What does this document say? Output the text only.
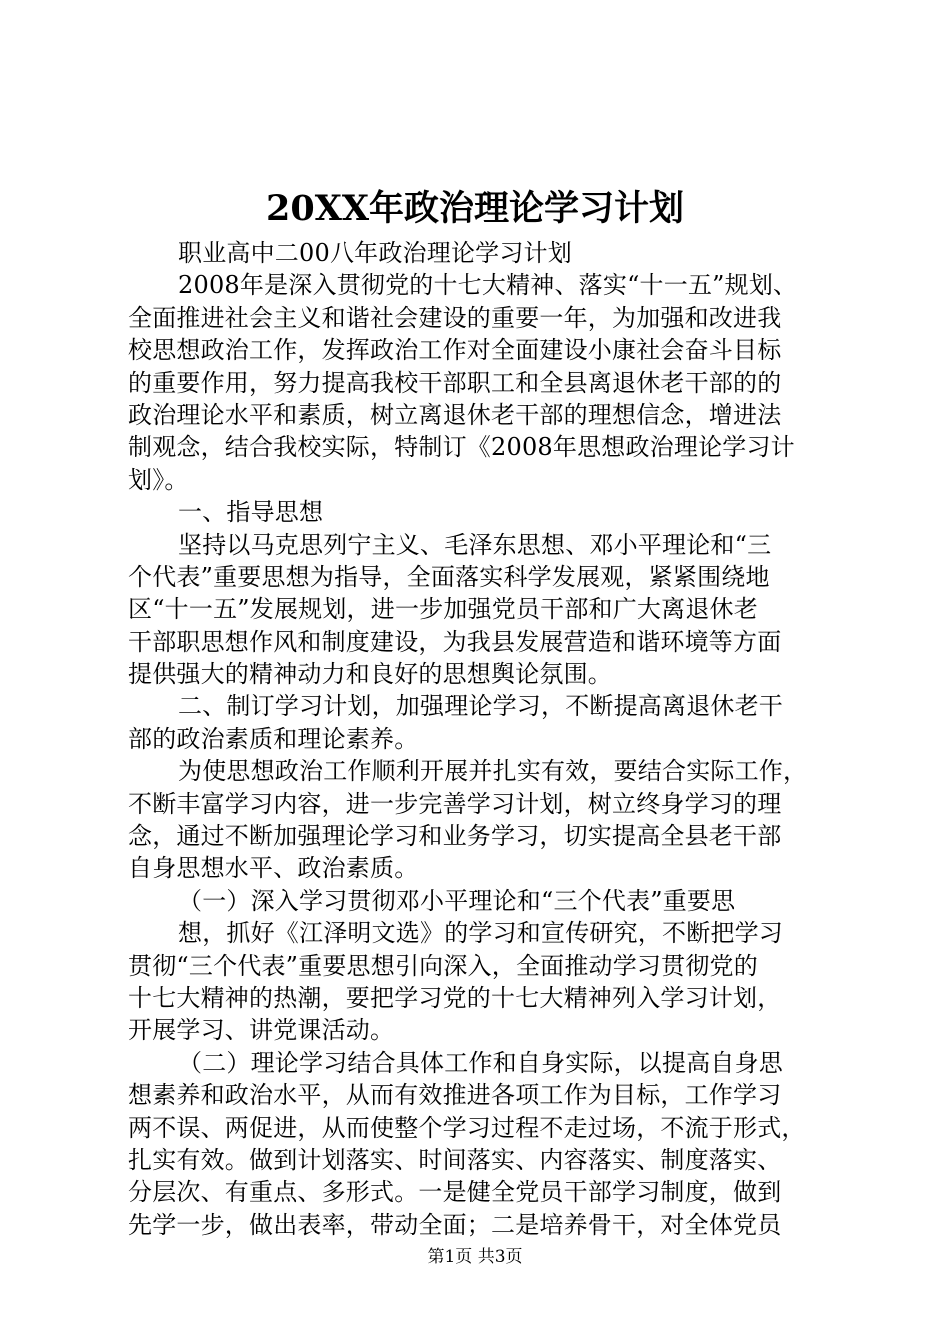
20XX年政治理论学习计划
职业高中二00八年政治理论学习计划
2008年是深入贯彻党的十七大精神、落实“十一五”规划、
全面推进社会主义和谐社会建设的重要一年，为加强和改进我
校思想政治工作，发挥政治工作对全面建设小康社会奋斗目标
的重要作用，努力提高我校干部职工和全县离退休老干部的的
政治理论水平和素质，树立离退休老干部的理想信念，增进法
制观念，结合我校实际，特制订《2008年思想政治理论学习计
划》。
一、指导思想
坚持以马克思列宁主义、毛泽东思想、邓小平理论和“三
个代表”重要思想为指导，全面落实科学发展观，紧紧围绕地
区“十一五”发展规划，进一步加强党员干部和广大离退休老
干部职思想作风和制度建设，为我县发展营造和谐环境等方面
提供强大的精神动力和良好的思想舆论氛围。
二、制订学习计划，加强理论学习，不断提高离退休老干
部的政治素质和理论素养。
为使思想政治工作顺利开展并扎实有效，要结合实际工作，
不断丰富学习内容，进一步完善学习计划，树立终身学习的理
念，通过不断加强理论学习和业务学习，切实提高全县老干部
自身思想水平、政治素质。
（一）深入学习贯彻邓小平理论和“三个代表”重要思
想，抓好《江泽明文选》的学习和宣传研究，不断把学习
贯彻“三个代表”重要思想引向深入，全面推动学习贯彻党的
十七大精神的热潮，要把学习党的十七大精神列入学习计划，
开展学习、讲党课活动。
（二）理论学习结合具体工作和自身实际，以提高自身思
想素养和政治水平，从而有效推进各项工作为目标，工作学习
两不误、两促进，从而使整个学习过程不走过场，不流于形式，
扎实有效。做到计划落实、时间落实、内容落实、制度落实、
分层次、有重点、多形式。一是健全党员干部学习制度，做到
先学一步，做出表率，带动全面；二是培养骨干，对全体党员
第1页 共3页
